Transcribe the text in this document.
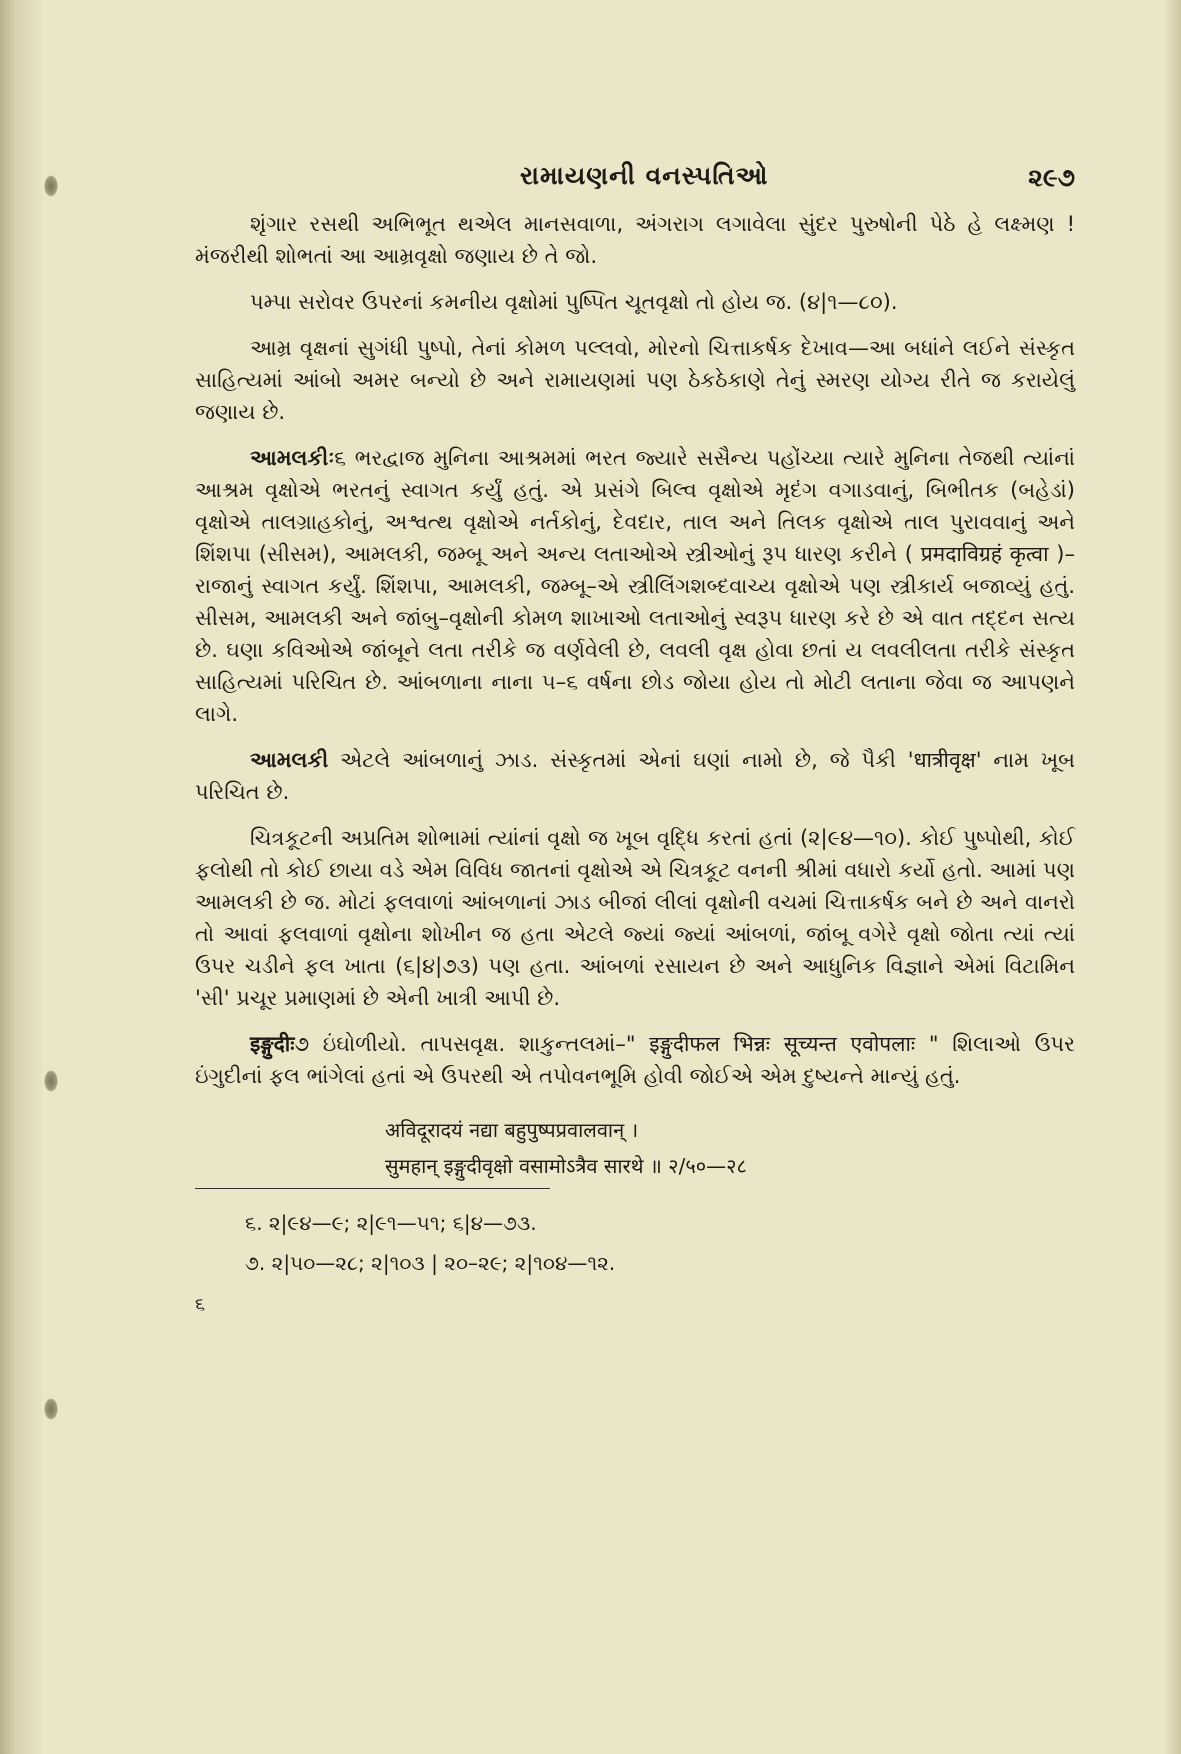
રામાયણની વનસ્પતિઓ	૨૯૭

શૃંગાર રસથી અભિભૂત થએલ માનસવાળા, અંગરાગ લગાવેલા સુંદર પુરુષોની પેઠે હે લક્ષ્મણ ! મંજરીથી શોભતાં આ આમ્રવૃક્ષો જણાય છે તે જો.

પમ્પા સરોવર ઉપરનાં કમનીય વૃક્ષોમાં પુષ્પિત ચૂતવૃક્ષો તો હોય જ. (૪|૧—૮૦).

આમ્ર વૃક્ષનાં સુગંધી પુષ્પો, તેનાં કોમળ પલ્લવો, મોરનો ચિત્તાકર્ષક દેખાવ—આ બધાંને લઈને સંસ્કૃત સાહિત્યમાં આંબો અમર બન્યો છે અને રામાયણમાં પણ ઠેકઠેકાણે તેનું સ્મરણ યોગ્ય રીતે જ કરાયેલું જણાય છે.

આમલકીઃ૬ ભરદ્વાજ મુનિના આશ્રમમાં ભરત જ્યારે સસૈન્ય પહોંચ્યા ત્યારે મુનિના તેજથી ત્યાંનાં આશ્રમ વૃક્ષોએ ભરતનું સ્વાગત કર્યું હતું. એ પ્રસંગે બિલ્વ વૃક્ષોએ મૃદંગ વગાડવાનું, બિભીતક (બહેડાં) વૃક્ષોએ તાલગ્રાહકોનું, અશ્વત્થ વૃક્ષોએ નર્તકોનું, દેવદાર, તાલ અને તિલક વૃક્ષોએ તાલ પુરાવવાનું અને શિંશપા (સીસમ), આમલકી, જમ્બૂ અને અન્ય લતાઓએ સ્ત્રીઓનું રૂપ ધારણ કરીને ( प्रमदाविग्रहं कृत्वा )–રાજાનું સ્વાગત કર્યું. શિંશપા, આમલકી, જમ્બૂ–એ સ્ત્રીલિંગશબ્દવાચ્ય વૃક્ષોએ પણ સ્ત્રીકાર્ય બજાવ્યું હતું. સીસમ, આમલકી અને જાંબુ–વૃક્ષોની કોમળ શાખાઓ લતાઓનું સ્વરૂપ ધારણ કરે છે એ વાત તદ્દન સત્ય છે. ઘણા કવિઓએ જાંબૂને લતા તરીકે જ વર્ણવેલી છે, લવલી વૃક્ષ હોવા છતાં ય લવલીલતા તરીકે સંસ્કૃત સાહિત્યમાં પરિચિત છે. આંબળાના નાના ૫–૬ વર્ષના છોડ જોયા હોય તો મોટી લતાના જેવા જ આપણને લાગે.

આમલકી એટલે આંબળાનું ઝાડ. સંસ્કૃતમાં એનાં ઘણાં નામો છે, જે પૈકી 'धात्रीवृक्ष' નામ ખૂબ પરિચિત છે.

ચિત્રકૂટની અપ્રતિમ શોભામાં ત્યાંનાં વૃક્ષો જ ખૂબ વૃદ્ધિ કરતાં હતાં (૨|૯૪—૧૦). કોઈ પુષ્પોથી, કોઈ ફલોથી તો કોઈ છાયા વડે એમ વિવિધ જાતનાં વૃક્ષોએ એ ચિત્રકૂટ વનની શ્રીમાં વધારો કર્યો હતો. આમાં પણ આમલકી છે જ. મોટાં ફલવાળાં આંબળાનાં ઝાડ બીજાં લીલાં વૃક્ષોની વચમાં ચિત્તાકર્ષક બને છે અને વાનરો તો આવાં ફલવાળાં વૃક્ષોના શોખીન જ હતા એટલે જ્યાં જ્યાં આંબળાં, જાંબૂ વગેરે વૃક્ષો જોતા ત્યાં ત્યાં ઉપર ચડીને ફલ ખાતા (૬|૪|૭૩) પણ હતા. આંબળાં રસાયન છે અને આધુનિક વિજ્ઞાને એમાં વિટામિન 'સી' પ્રચૂર પ્રમાણમાં છે એની ખાત્રી આપી છે.

इङ्गुदीः૭ ઇંઘોળીયો. તાપસવૃક્ષ. શાકુન્તલમાં–" इङ्गुदीफल भिन्नः सूच्यन्त एवोपलाः " શિલાઓ ઉપર ઇંગુદીનાં ફલ ભાંગેલાં હતાં એ ઉપરથી એ તપોવનભૂમિ હોવી જોઈએ એમ દુષ્યન્તે માન્યું હતું.

अविदूरादयं नद्या बहुपुष्पप्रवालवान् ।
सुमहान् इङ्गुदीवृक्षो वसामोऽत्रैव सारथे ॥ २/५०—२८
૬. ૨|૯૪—૯; ૨|૯૧—૫૧; ૬|૪—૭૩.
૭. ૨|૫૦—૨૮; ૨|૧૦૩ | ૨૦–૨૯; ૨|૧૦૪—૧૨.
૬
